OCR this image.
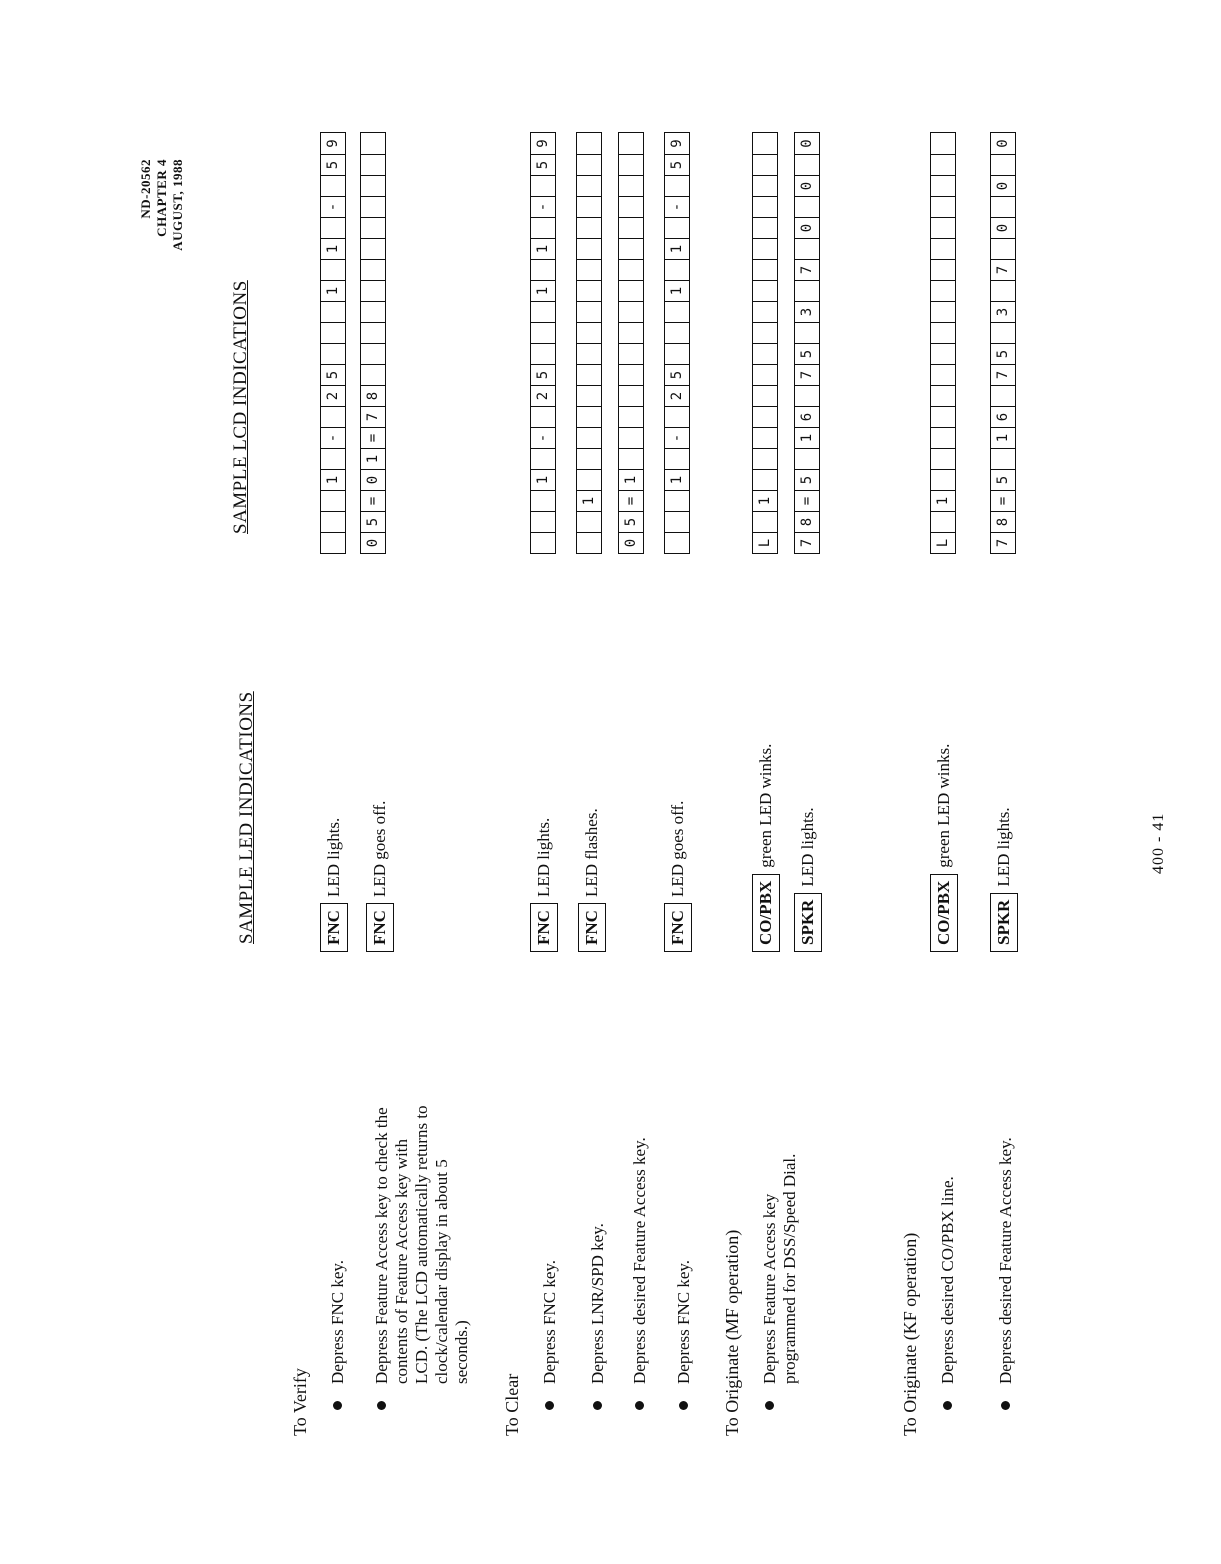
ND-20562 CHAPTER 4 AUGUST, 1988
SAMPLE LED INDICATIONS
SAMPLE LCD INDICATIONS
To Verify
Depress FNC key. Depress Feature Access key to check the contents of Feature Access key with LCD. (The LCD automatically returns to clock/calendar display in about 5 seconds.)
FNCLED lights.
FNCLED goes off.

1

-

2
5

1

1

-

5
9
0
5
=
0
1
=
7
8

To Clear
Depress FNC key. Depress LNR/SPD key. Depress desired Feature Access key. Depress FNC key.
FNCLED lights.
FNCLED flashes.
FNCLED goes off.

1

-

2
5

1

1

-

5
9

1

0
5
=
1

1

-

2
5

1

1

-

5
9
To Originate (MF operation) Depress Feature Access key programmed for DSS/Speed Dial.
CO/PBXgreen LED winks.
SPKRLED lights.
L

1

7
8
=
5

1
6

7
5

3

7

0

0

0
To Originate (KF operation) Depress desired CO/PBX line. Depress desired Feature Access key.
CO/PBXgreen LED winks.
SPKRLED lights.
L

1

7
8
=
5

1
6

7
5

3

7

0

0

0
400 - 41
